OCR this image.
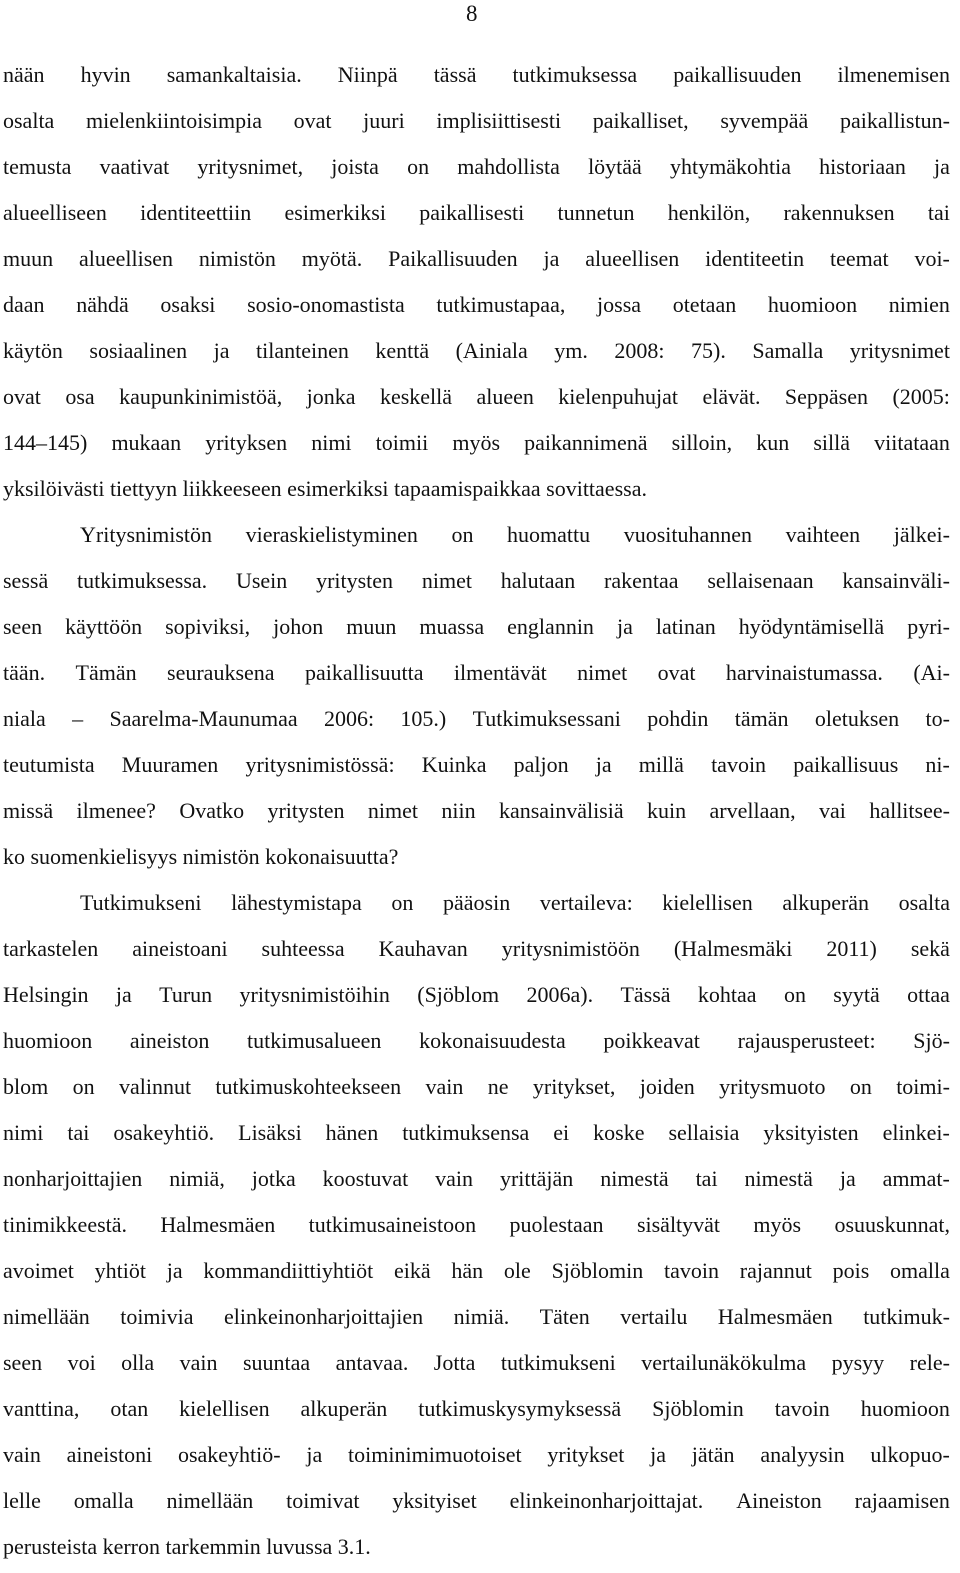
8
nään hyvin samankaltaisia. Niinpä tässä tutkimuksessa paikallisuuden ilmenemisen
osalta mielenkiintoisimpia ovat juuri implisiittisesti paikalliset, syvempää paikallistun-
temusta vaativat yritysnimet, joista on mahdollista löytää yhtymäkohtia historiaan ja
alueelliseen identiteettiin esimerkiksi paikallisesti tunnetun henkilön, rakennuksen tai
muun alueellisen nimistön myötä. Paikallisuuden ja alueellisen identiteetin teemat voi-
daan nähdä osaksi sosio-onomastista tutkimustapaa, jossa otetaan huomioon nimien
käytön sosiaalinen ja tilanteinen kenttä (Ainiala ym. 2008: 75). Samalla yritysnimet
ovat osa kaupunkinimistöä, jonka keskellä alueen kielenpuhujat elävät. Seppäsen (2005:
144–145) mukaan yrityksen nimi toimii myös paikannimenä silloin, kun sillä viitataan
yksilöivästi tiettyyn liikkeeseen esimerkiksi tapaamispaikkaa sovittaessa.
Yritysnimistön vieraskielistyminen on huomattu vuosituhannen vaihteen jälkei-
sessä tutkimuksessa. Usein yritysten nimet halutaan rakentaa sellaisenaan kansainväli-
seen käyttöön sopiviksi, johon muun muassa englannin ja latinan hyödyntämisellä pyri-
tään. Tämän seurauksena paikallisuutta ilmentävät nimet ovat harvinaistumassa. (Ai-
niala – Saarelma-Maunumaa 2006: 105.) Tutkimuksessani pohdin tämän oletuksen to-
teutumista Muuramen yritysnimistössä: Kuinka paljon ja millä tavoin paikallisuus ni-
missä ilmenee? Ovatko yritysten nimet niin kansainvälisiä kuin arvellaan, vai hallitsee-
ko suomenkielisyys nimistön kokonaisuutta?
Tutkimukseni lähestymistapa on pääosin vertaileva: kielellisen alkuperän osalta
tarkastelen aineistoani suhteessa Kauhavan yritysnimistöön (Halmesmäki 2011) sekä
Helsingin ja Turun yritysnimistöihin (Sjöblom 2006a). Tässä kohtaa on syytä ottaa
huomioon aineiston tutkimusalueen kokonaisuudesta poikkeavat rajausperusteet: Sjö-
blom on valinnut tutkimuskohteekseen vain ne yritykset, joiden yritysmuoto on toimi-
nimi tai osakeyhtiö. Lisäksi hänen tutkimuksensa ei koske sellaisia yksityisten elinkei-
nonharjoittajien nimiä, jotka koostuvat vain yrittäjän nimestä tai nimestä ja ammat-
tinimikkeestä. Halmesmäen tutkimusaineistoon puolestaan sisältyvät myös osuuskunnat,
avoimet yhtiöt ja kommandiittiyhtiöt eikä hän ole Sjöblomin tavoin rajannut pois omalla
nimellään toimivia elinkeinonharjoittajien nimiä. Täten vertailu Halmesmäen tutkimuk-
seen voi olla vain suuntaa antavaa. Jotta tutkimukseni vertailunäkökulma pysyy rele-
vanttina, otan kielellisen alkuperän tutkimuskysymyksessä Sjöblomin tavoin huomioon
vain aineistoni osakeyhtiö- ja toiminimimuotoiset yritykset ja jätän analyysin ulkopuo-
lelle omalla nimellään toimivat yksityiset elinkeinonharjoittajat. Aineiston rajaamisen
perusteista kerron tarkemmin luvussa 3.1.
